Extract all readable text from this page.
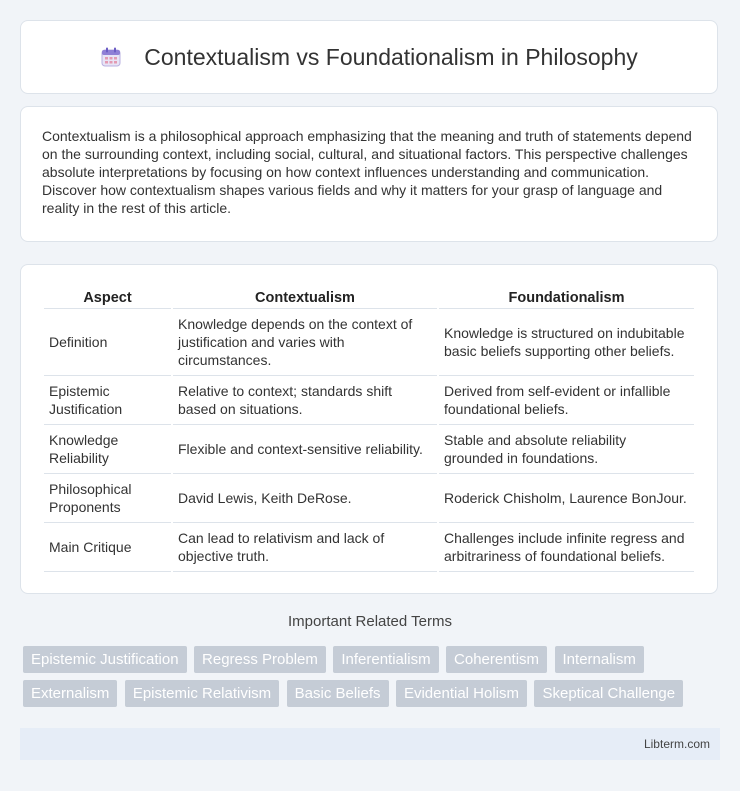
Contextualism vs Foundationalism in Philosophy

Contextualism is a philosophical approach emphasizing that the meaning and truth of statements depend on the surrounding context, including social, cultural, and situational factors. This perspective challenges absolute interpretations by focusing on how context influences understanding and communication. Discover how contextualism shapes various fields and why it matters for your grasp of language and reality in the rest of this article.

Aspect	Contextualism	Foundationalism
Definition	Knowledge depends on the context of justification and varies with circumstances.	Knowledge is structured on indubitable basic beliefs supporting other beliefs.
Epistemic Justification	Relative to context; standards shift based on situations.	Derived from self-evident or infallible foundational beliefs.
Knowledge Reliability	Flexible and context-sensitive reliability.	Stable and absolute reliability grounded in foundations.
Philosophical Proponents	David Lewis, Keith DeRose.	Roderick Chisholm, Laurence BonJour.
Main Critique	Can lead to relativism and lack of objective truth.	Challenges include infinite regress and arbitrariness of foundational beliefs.
Important Related Terms
Epistemic Justification Regress Problem Inferentialism Coherentism Internalism Externalism Epistemic Relativism Basic Beliefs Evidential Holism Skeptical Challenge
Libterm.com
